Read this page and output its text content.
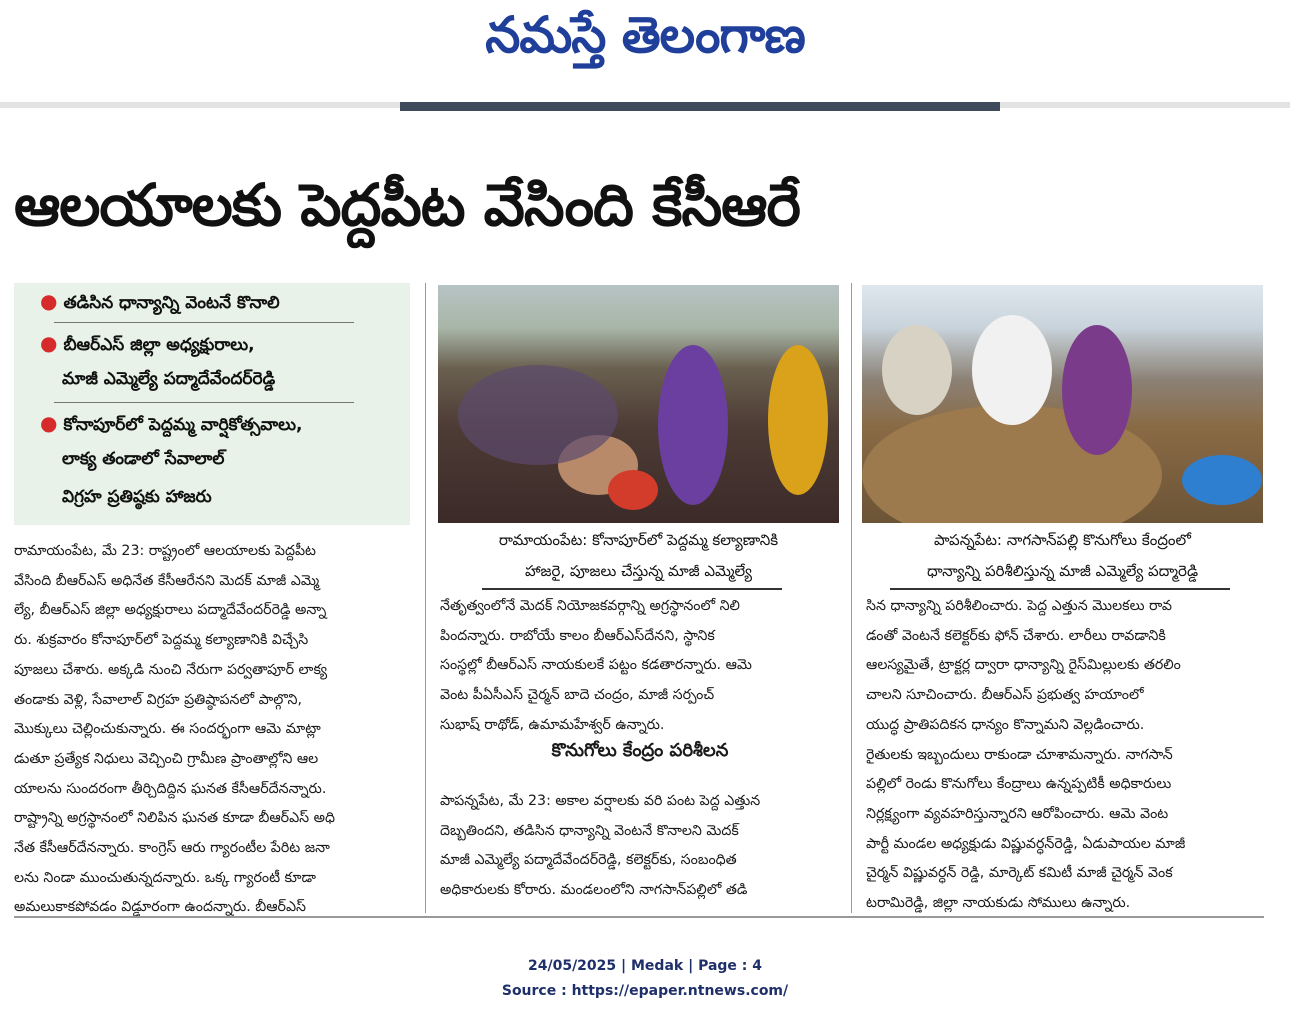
నమస్తే తెలంగాణ
ఆలయాలకు పెద్దపీట వేసింది కేసీఆరే
● తడిసిన ధాన్యాన్ని వెంటనే కొనాలి
● బీఆర్‌ఎస్ జిల్లా అధ్యక్షురాలు,
మాజీ ఎమ్మెల్యే పద్మాదేవేందర్‌రెడ్డి
● కోనాపూర్‌లో పెద్దమ్మ వార్షికోత్సవాలు,
లాక్య తండాలో సేవాలాల్
విగ్రహ ప్రతిష్ఠకు హాజరు
రామాయంపేట: కోనాపూర్‌లో పెద్దమ్మ కల్యాణానికి
హాజరై, పూజలు చేస్తున్న మాజీ ఎమ్మెల్యే
పాపన్నపేట: నాగసాన్‌పల్లి కొనుగోలు కేంద్రంలో
ధాన్యాన్ని పరిశీలిస్తున్న మాజీ ఎమ్మెల్యే పద్మారెడ్డి
రామాయంపేట, మే 23: రాష్ట్రంలో ఆలయాలకు పెద్దపీట
వేసింది బీఆర్‌ఎస్ అధినేత కేసీఆరేనని మెదక్ మాజీ ఎమ్మె
ల్యే, బీఆర్‌ఎస్ జిల్లా అధ్యక్షురాలు పద్మాదేవేందర్‌రెడ్డి అన్నా
రు. శుక్రవారం కోనాపూర్‌లో పెద్దమ్మ కల్యాణానికి విచ్చేసి
పూజలు చేశారు. అక్కడి నుంచి నేరుగా పర్వతాపూర్ లాక్య
తండాకు వెళ్లి, సేవాలాల్ విగ్రహ ప్రతిష్ఠాపనలో పాల్గొని,
మొక్కులు చెల్లించుకున్నారు. ఈ సందర్భంగా ఆమె మాట్లా
డుతూ ప్రత్యేక నిధులు వెచ్చించి గ్రామీణ ప్రాంతాల్లోని ఆల
యాలను సుందరంగా తీర్చిదిద్దిన ఘనత కేసీఆర్‌దేనన్నారు.
రాష్ట్రాన్ని అగ్రస్థానంలో నిలిపిన ఘనత కూడా బీఆర్‌ఎస్ అధి
నేత కేసీఆర్‌దేనన్నారు. కాంగ్రెస్ ఆరు గ్యారంటీల పేరిట జనా
లను నిండా ముంచుతున్నదన్నారు. ఒక్క గ్యారంటీ కూడా
అమలుకాకపోవడం విడ్డూరంగా ఉందన్నారు. బీఆర్‌ఎస్
నేతృత్వంలోనే మెదక్ నియోజకవర్గాన్ని అగ్రస్థానంలో నిలి
పిందన్నారు. రాబోయే కాలం బీఆర్‌ఎస్‌దేనని, స్థానిక
సంస్థల్లో బీఆర్‌ఎస్ నాయకులకే పట్టం కడతారన్నారు. ఆమె
వెంట పీఏసీఎస్ చైర్మన్ బాదె చంద్రం, మాజీ సర్పంచ్
సుభాష్ రాథోడ్, ఉమామహేశ్వర్ ఉన్నారు.
కొనుగోలు కేంద్రం పరిశీలన
పాపన్నపేట, మే 23: అకాల వర్షాలకు వరి పంట పెద్ద ఎత్తున
దెబ్బతిందని, తడిసిన ధాన్యాన్ని వెంటనే కొనాలని మెదక్
మాజీ ఎమ్మెల్యే పద్మాదేవేందర్‌రెడ్డి, కలెక్టర్‌కు, సంబంధిత
అధికారులకు కోరారు. మండలంలోని నాగసాన్‌పల్లిలో తడి
సిన ధాన్యాన్ని పరిశీలించారు. పెద్ద ఎత్తున మొలకలు రావ
డంతో వెంటనే కలెక్టర్‌కు ఫోన్ చేశారు. లారీలు రావడానికి
ఆలస్యమైతే, ట్రాక్టర్ల ద్వారా ధాన్యాన్ని రైస్‌మిల్లులకు తరలిం
చాలని సూచించారు. బీఆర్‌ఎస్ ప్రభుత్వ హయాంలో
యుద్ధ ప్రాతిపదికన ధాన్యం కొన్నామని వెల్లడించారు.
రైతులకు ఇబ్బందులు రాకుండా చూశామన్నారు. నాగసాన్
పల్లిలో రెండు కొనుగోలు కేంద్రాలు ఉన్నప్పటికీ అధికారులు
నిర్లక్ష్యంగా వ్యవహరిస్తున్నారని ఆరోపించారు. ఆమె వెంట
పార్టీ మండల అధ్యక్షుడు విష్ణువర్ధన్‌రెడ్డి, ఏడుపాయల మాజీ
చైర్మన్ విష్ణువర్ధన్ రెడ్డి, మార్కెట్ కమిటీ మాజీ చైర్మన్ వెంక
టరామిరెడ్డి, జిల్లా నాయకుడు సోములు ఉన్నారు.
24/05/2025 | Medak | Page : 4
Source : https://epaper.ntnews.com/
